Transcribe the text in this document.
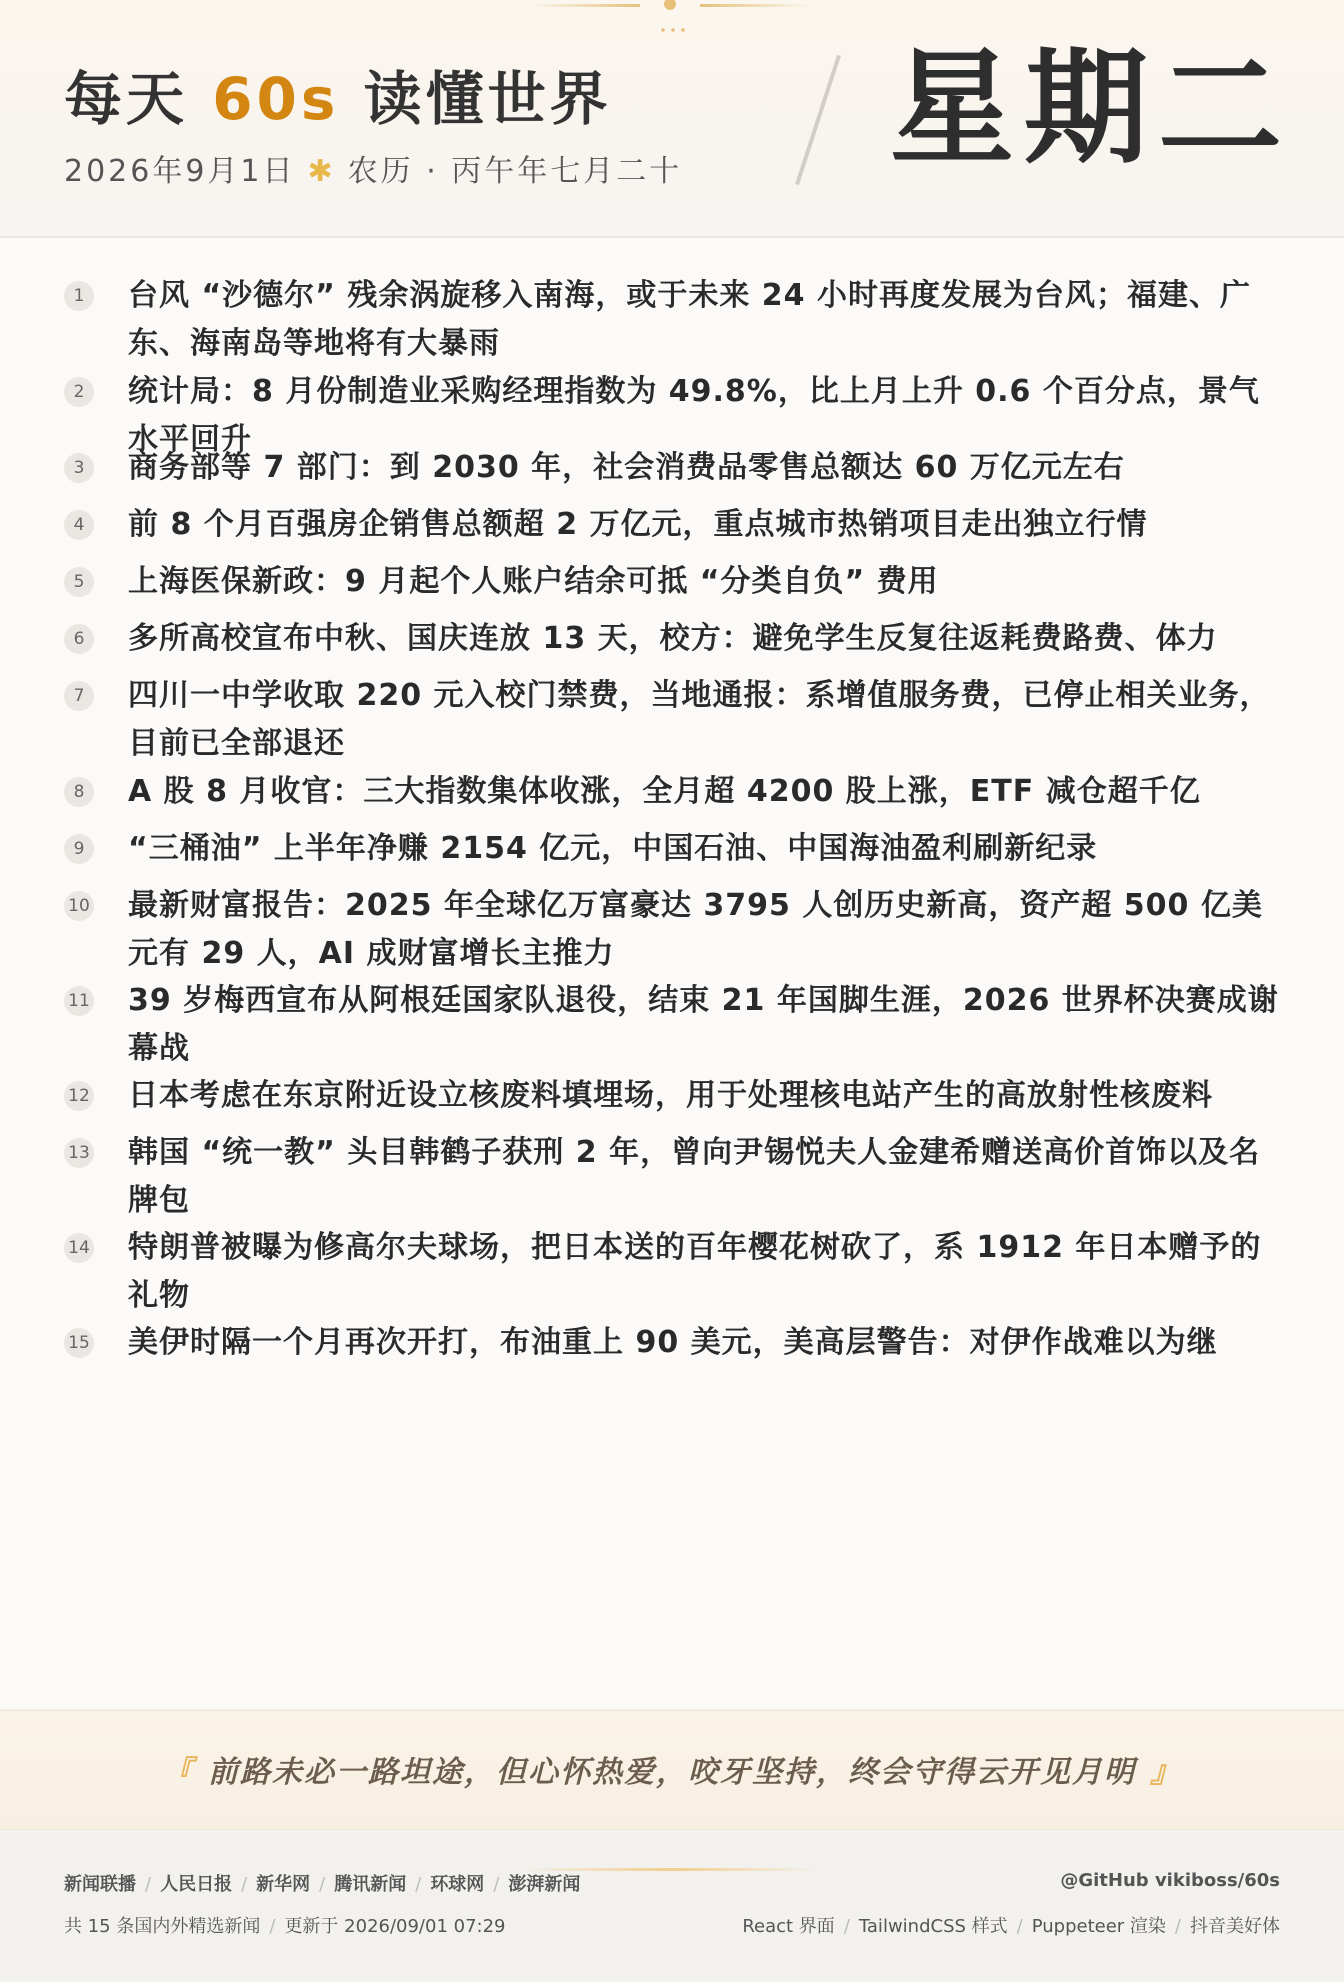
每天 60s 读懂世界
2026年9月1日 ✱ 农历 · 丙午年七月二十 星期二
1	台风 “沙德尔” 残余涡旋移入南海，或于未来 24 小时再度发展为台风；福建、广东、海南岛等地将有大暴雨
2	统计局：8 月份制造业采购经理指数为 49.8%，比上月上升 0.6 个百分点，景气水平回升
3	商务部等 7 部门：到 2030 年，社会消费品零售总额达 60 万亿元左右
4	前 8 个月百强房企销售总额超 2 万亿元，重点城市热销项目走出独立行情
5	上海医保新政：9 月起个人账户结余可抵 “分类自负” 费用
6	多所高校宣布中秋、国庆连放 13 天，校方：避免学生反复往返耗费路费、体力
7	四川一中学收取 220 元入校门禁费，当地通报：系增值服务费，已停止相关业务，目前已全部退还
8	A 股 8 月收官：三大指数集体收涨，全月超 4200 股上涨，ETF 减仓超千亿
9	“三桶油” 上半年净赚 2154 亿元，中国石油、中国海油盈利刷新纪录
10 最新财富报告：2025 年全球亿万富豪达 3795 人创历史新高，资产超 500 亿美元有 29 人，AI 成财富增长主推力
11 39 岁梅西宣布从阿根廷国家队退役，结束 21 年国脚生涯，2026 世界杯决赛成谢幕战
12 日本考虑在东京附近设立核废料填埋场，用于处理核电站产生的高放射性核废料
13 韩国 “统一教” 头目韩鹤子获刑 2 年，曾向尹锡悦夫人金建希赠送高价首饰以及名牌包
14 特朗普被曝为修高尔夫球场，把日本送的百年樱花树砍了，系 1912 年日本赠予的礼物
15 美伊时隔一个月再次开打，布油重上 90 美元，美高层警告：对伊作战难以为继
『 前路未必一路坦途，但心怀热爱，咬牙坚持，终会守得云开见月明 』
新闻联播 / 人民日报 / 新华网 / 腾讯新闻 / 环球网 / 澎湃新闻
共 15 条国内外精选新闻 / 更新于 2026/09/01 07:29
@GitHub vikiboss/60s
React 界面 / TailwindCSS 样式 / Puppeteer 渲染 / 抖音美好体
